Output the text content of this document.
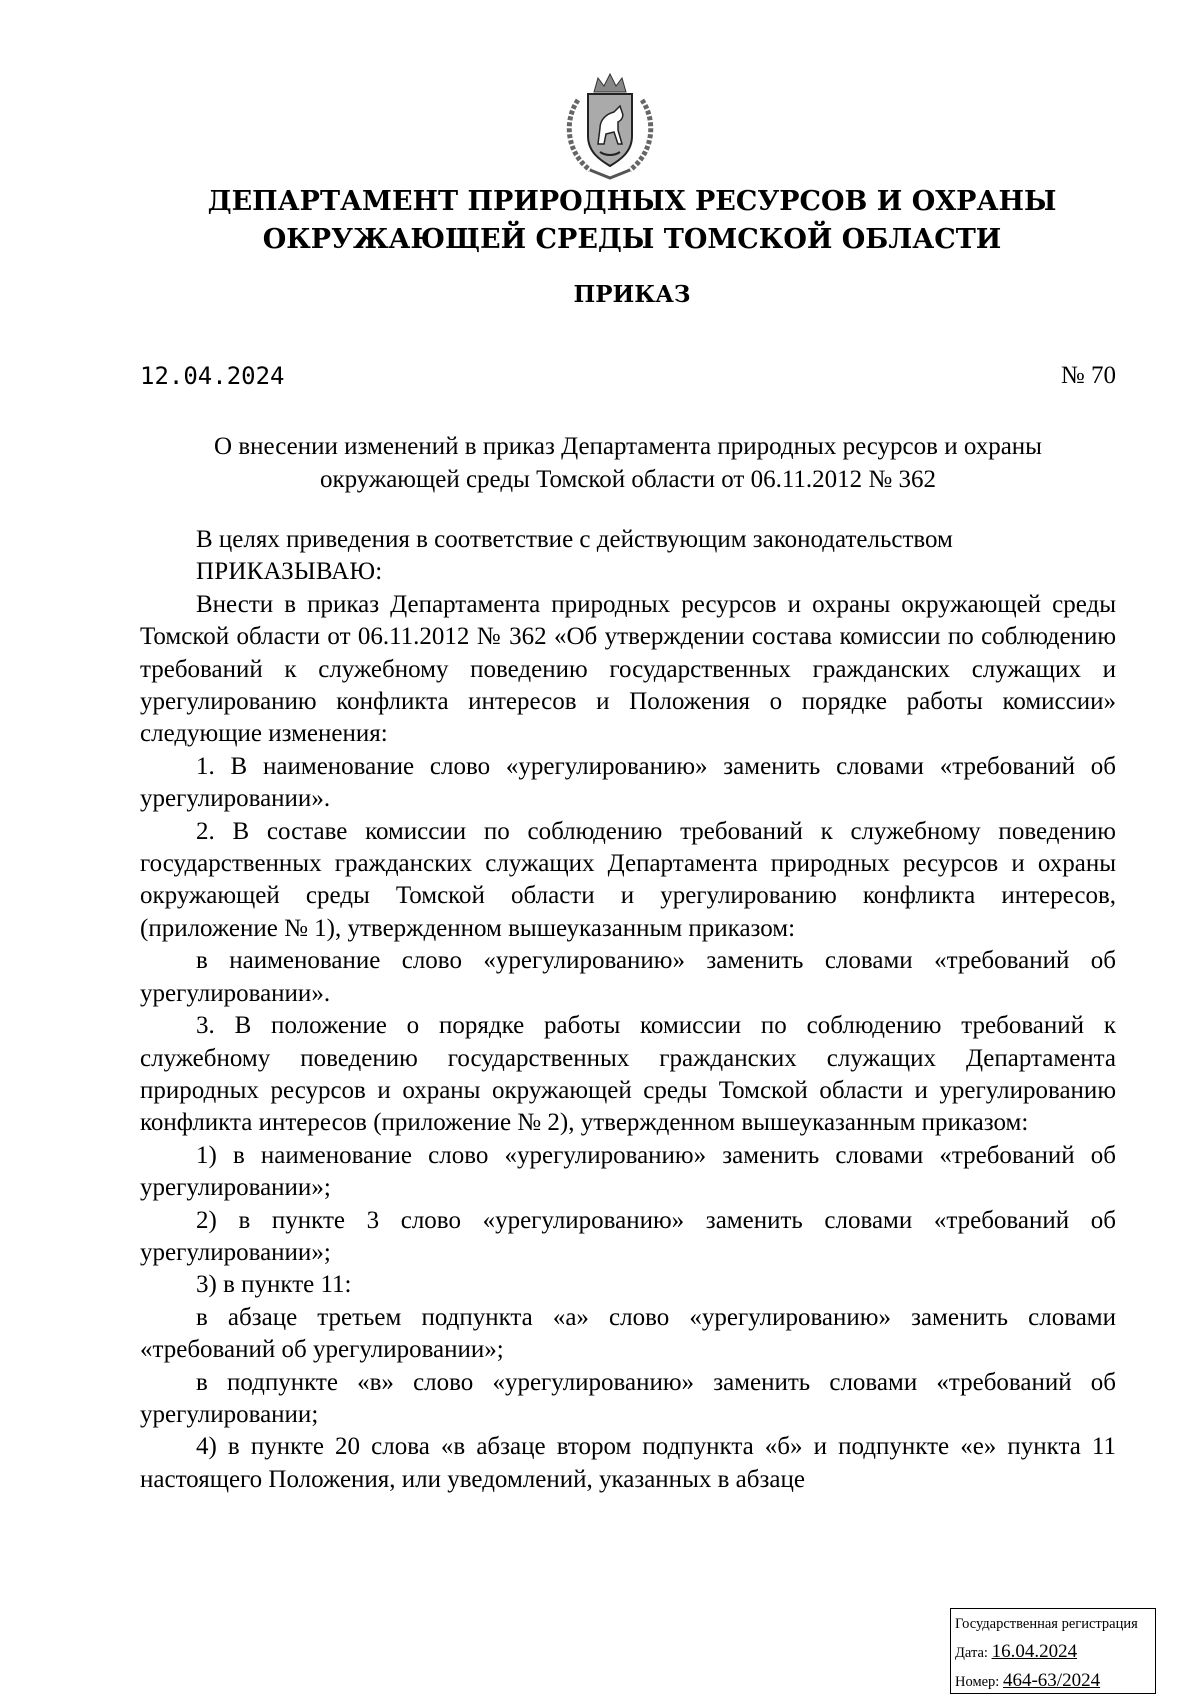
ДЕПАРТАМЕНТ ПРИРОДНЫХ РЕСУРСОВ И ОХРАНЫ
ОКРУЖАЮЩЕЙ СРЕДЫ ТОМСКОЙ ОБЛАСТИ
ПРИКАЗ
12.04.2024	№ 70
О внесении изменений в приказ Департамента природных ресурсов и охраны
окружающей среды Томской области от 06.11.2012 № 362

В целях приведения в соответствие с действующим законодательством

ПРИКАЗЫВАЮ:

Внести в приказ Департамента природных ресурсов и охраны окружающей среды Томской области от 06.11.2012 № 362 «Об утверждении состава комиссии по соблюдению требований к служебному поведению государственных гражданских служащих и урегулированию конфликта интересов и Положения о порядке работы комиссии» следующие изменения:

1. В наименование слово «урегулированию» заменить словами «требований об урегулировании».

2. В составе комиссии по соблюдению требований к служебному поведению государственных гражданских служащих Департамента природных ресурсов и охраны окружающей среды Томской области и урегулированию конфликта интересов, (приложение № 1), утвержденном вышеуказанным приказом:

в наименование слово «урегулированию» заменить словами «требований об урегулировании».

3. В положение о порядке работы комиссии по соблюдению требований к служебному поведению государственных гражданских служащих Департамента природных ресурсов и охраны окружающей среды Томской области и урегулированию конфликта интересов (приложение № 2), утвержденном вышеуказанным приказом:

1) в наименование слово «урегулированию» заменить словами «требований об урегулировании»;

2) в пункте 3 слово «урегулированию» заменить словами «требований об урегулировании»;

3) в пункте 11:

в абзаце третьем подпункта «а» слово «урегулированию» заменить словами «требований об урегулировании»;

в подпункте «в» слово «урегулированию» заменить словами «требований об урегулировании;

4) в пункте 20 слова «в абзаце втором подпункта «б» и подпункте «е» пункта 11 настоящего Положения, или уведомлений, указанных в абзаце

Государственная регистрация
Дата: 16.04.2024
Номер: 464-63/2024
